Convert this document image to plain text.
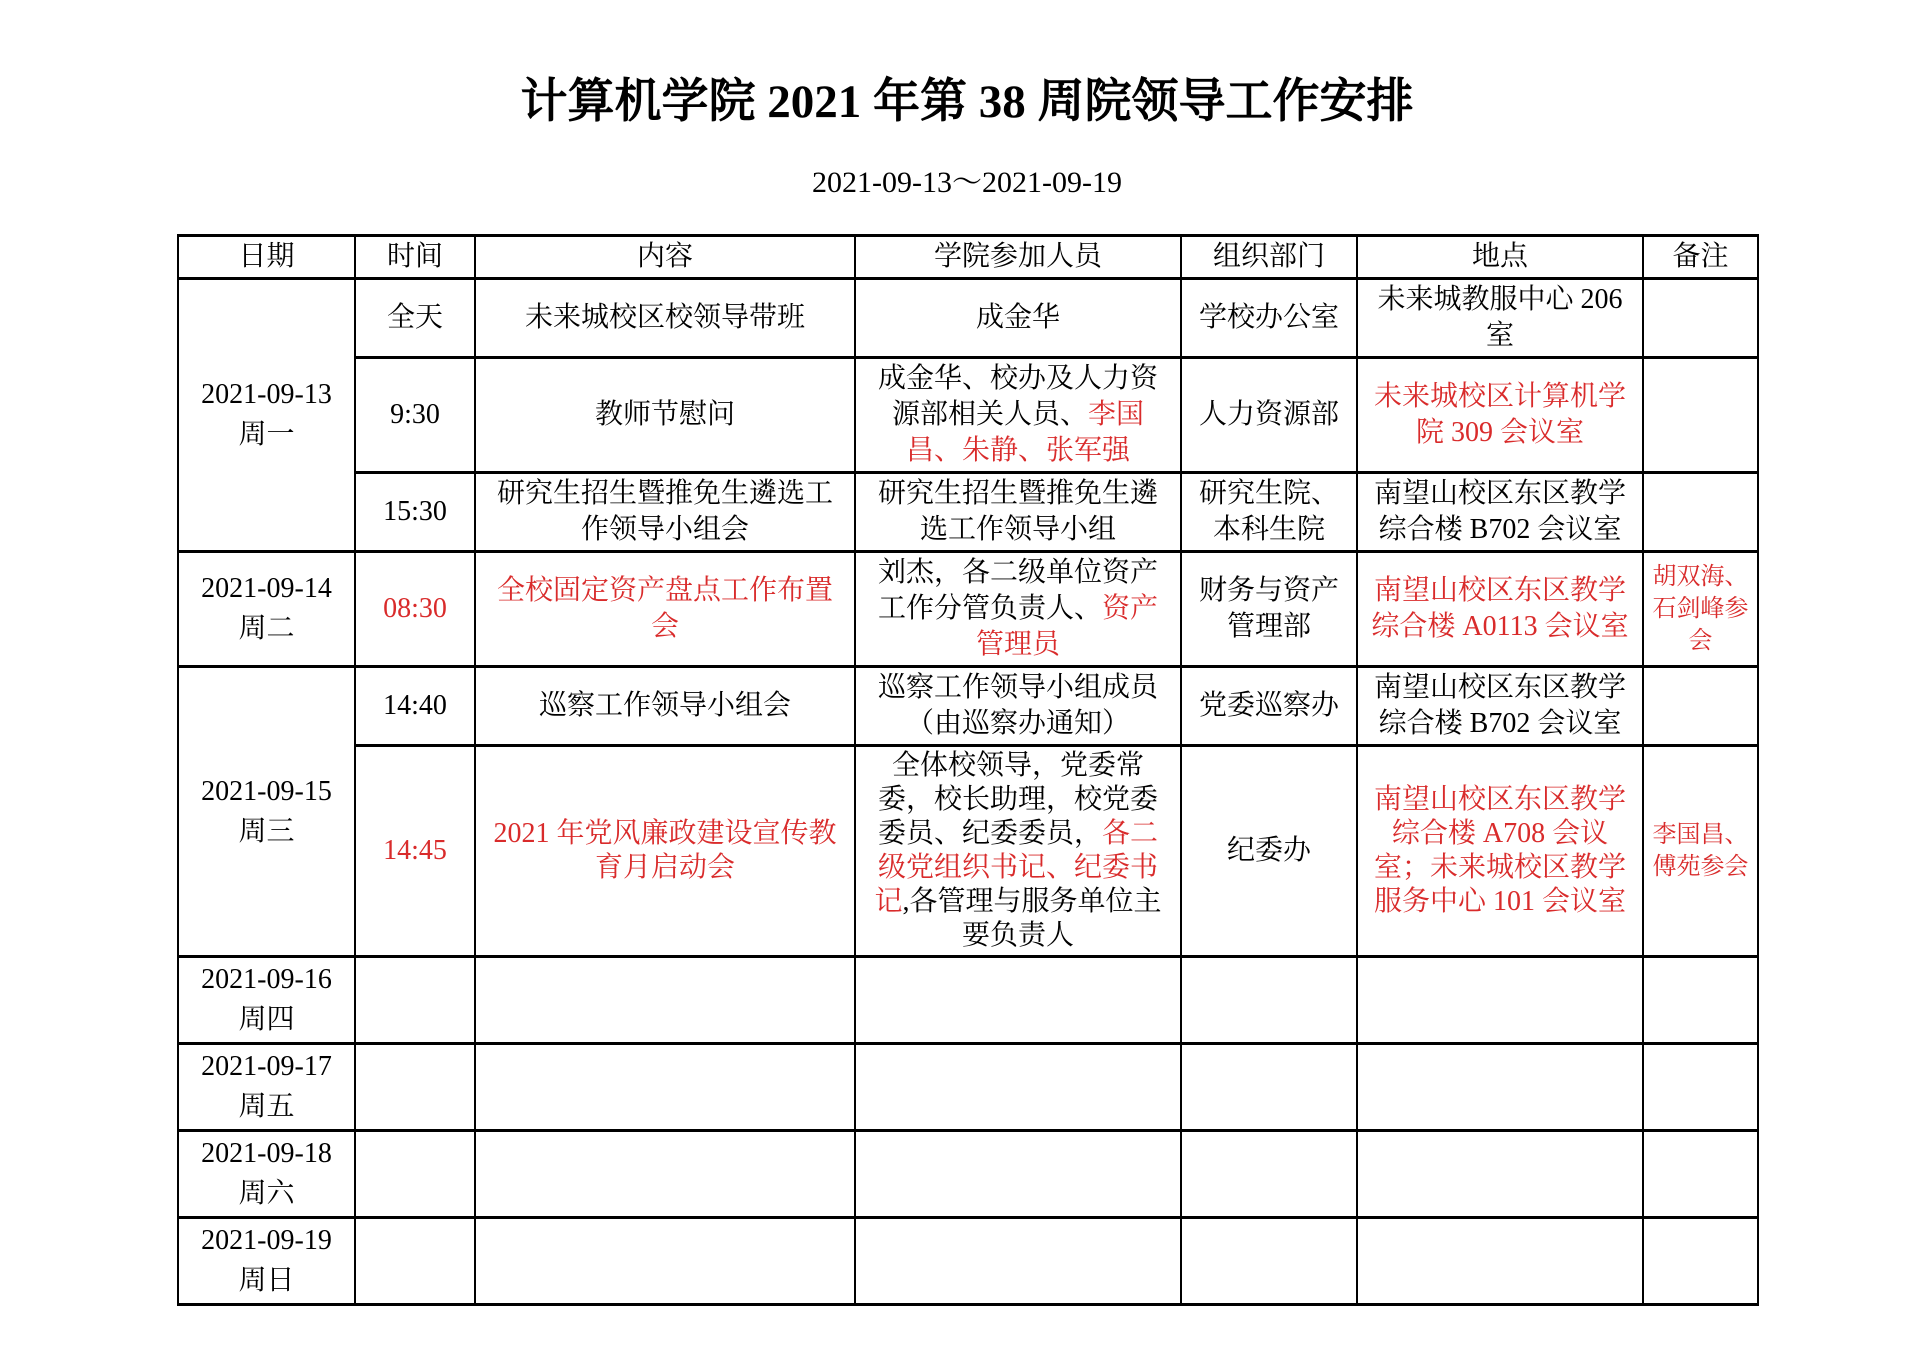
计算机学院 2021 年第 38 周院领导工作安排
2021-09-13～2021-09-19
日期	时间	内容	学院参加人员	组织部门	地点	备注

2021-09-13
周一	全天	未来城校区校领导带班	成金华	学校办公室	未来城教服中心 206 室	
	9:30	教师节慰问	成金华、校办及人力资源部相关人员、李国昌、朱静、张军强	人力资源部	未来城校区计算机学院 309 会议室	
	15:30	研究生招生暨推免生遴选工作领导小组会	研究生招生暨推免生遴选工作领导小组	研究生院、本科生院	南望山校区东区教学综合楼 B702 会议室	

2021-09-14
周二	08:30	全校固定资产盘点工作布置会	刘杰，各二级单位资产工作分管负责人、资产管理员	财务与资产管理部	南望山校区东区教学综合楼 A0113 会议室	胡双海、石剑峰参会

2021-09-15
周三	14:40	巡察工作领导小组会	巡察工作领导小组成员（由巡察办通知）	党委巡察办	南望山校区东区教学综合楼 B702 会议室	
	14:45	2021 年党风廉政建设宣传教育月启动会	全体校领导，党委常委，校长助理，校党委委员、纪委委员，各二级党组织书记、纪委书记,各管理与服务单位主要负责人	纪委办	南望山校区东区教学综合楼 A708 会议室；未来城校区教学服务中心 101 会议室	李国昌、傅苑参会

2021-09-16
周四						

2021-09-17
周五						

2021-09-18
周六						

2021-09-19
周日						
